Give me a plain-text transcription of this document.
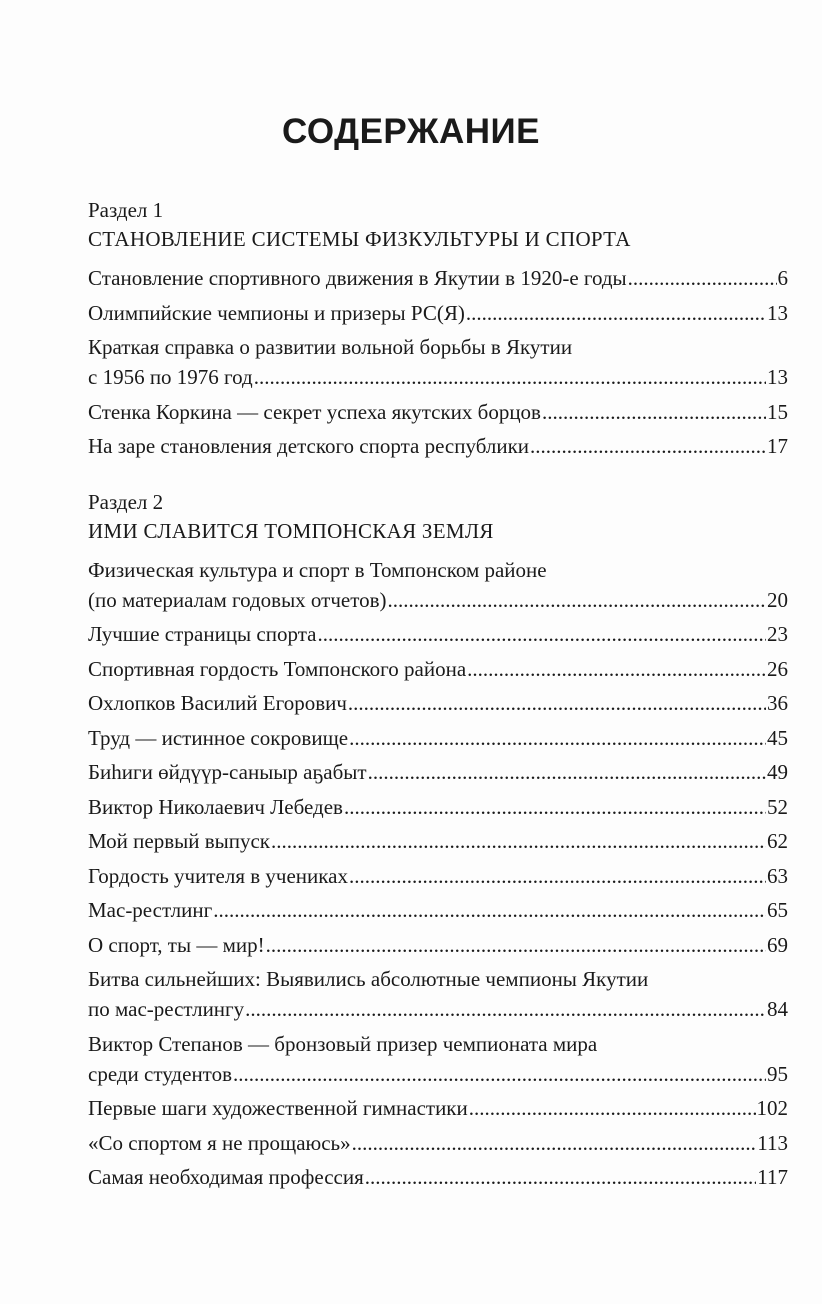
СОДЕРЖАНИЕ
Раздел 1
СТАНОВЛЕНИЕ СИСТЕМЫ ФИЗКУЛЬТУРЫ И СПОРТА
Становление спортивного движения в Якутии в 1920-е годы .....	6
Олимпийские чемпионы и призеры РС(Я) .....	13
Краткая справка о развитии вольной борьбы в Якутии
с 1956 по 1976 год .....	13
Стенка Коркина — секрет успеха якутских борцов .....	15
На заре становления детского спорта республики .....	17
Раздел 2
ИМИ СЛАВИТСЯ ТОМПОНСКАЯ ЗЕМЛЯ
Физическая культура и спорт в Томпонском районе
(по материалам годовых отчетов) .....	20
Лучшие страницы спорта .....	23
Спортивная гордость Томпонского района .....	26
Охлопков Василий Егорович .....	36
Труд — истинное сокровище .....	45
Биһиги өйдүүр-саныыр аҕабыт .....	49
Виктор Николаевич Лебедев .....	52
Мой первый выпуск .....	62
Гордость учителя в учениках .....	63
Мас-рестлинг .....	65
О спорт, ты — мир! .....	69
Битва сильнейших: Выявились абсолютные чемпионы Якутии
по мас-рестлингу .....	84
Виктор Степанов — бронзовый призер чемпионата мира
среди студентов .....	95
Первые шаги художественной гимнастики .....	102
«Со спортом я не прощаюсь» .....	113
Самая необходимая профессия .....	117
